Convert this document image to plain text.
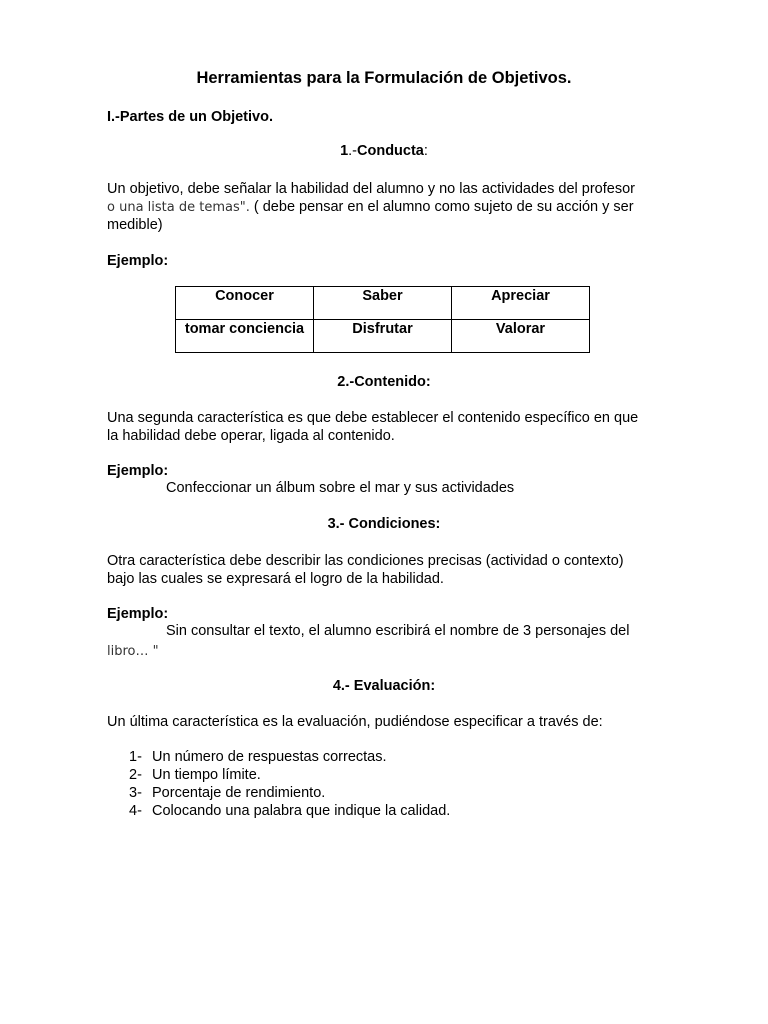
Herramientas para la Formulación de Objetivos.
I.-Partes de un Objetivo.
1.-Conducta:
Un objetivo, debe señalar la habilidad del alumno y no las actividades del profesor
o una lista de temas". ( debe pensar en el alumno como sujeto de su acción y ser
medible)
Ejemplo:
Conocer	Saber	Apreciar
tomar conciencia	Disfrutar	Valorar
2.-Contenido:
Una segunda característica es que debe establecer el contenido específico en que
la habilidad debe operar, ligada al contenido.
Ejemplo:
Confeccionar un álbum sobre el mar y sus actividades
3.- Condiciones:
Otra característica debe describir las condiciones precisas (actividad o contexto)
bajo las cuales se expresará el logro de la habilidad.
Ejemplo:
Sin consultar el texto, el alumno escribirá el nombre de 3 personajes del
libro… "
4.- Evaluación:
Un última característica es la evaluación, pudiéndose especificar a través de:
1- Un número de respuestas correctas.
2- Un tiempo límite.
3- Porcentaje de rendimiento.
4- Colocando una palabra que indique la calidad.
